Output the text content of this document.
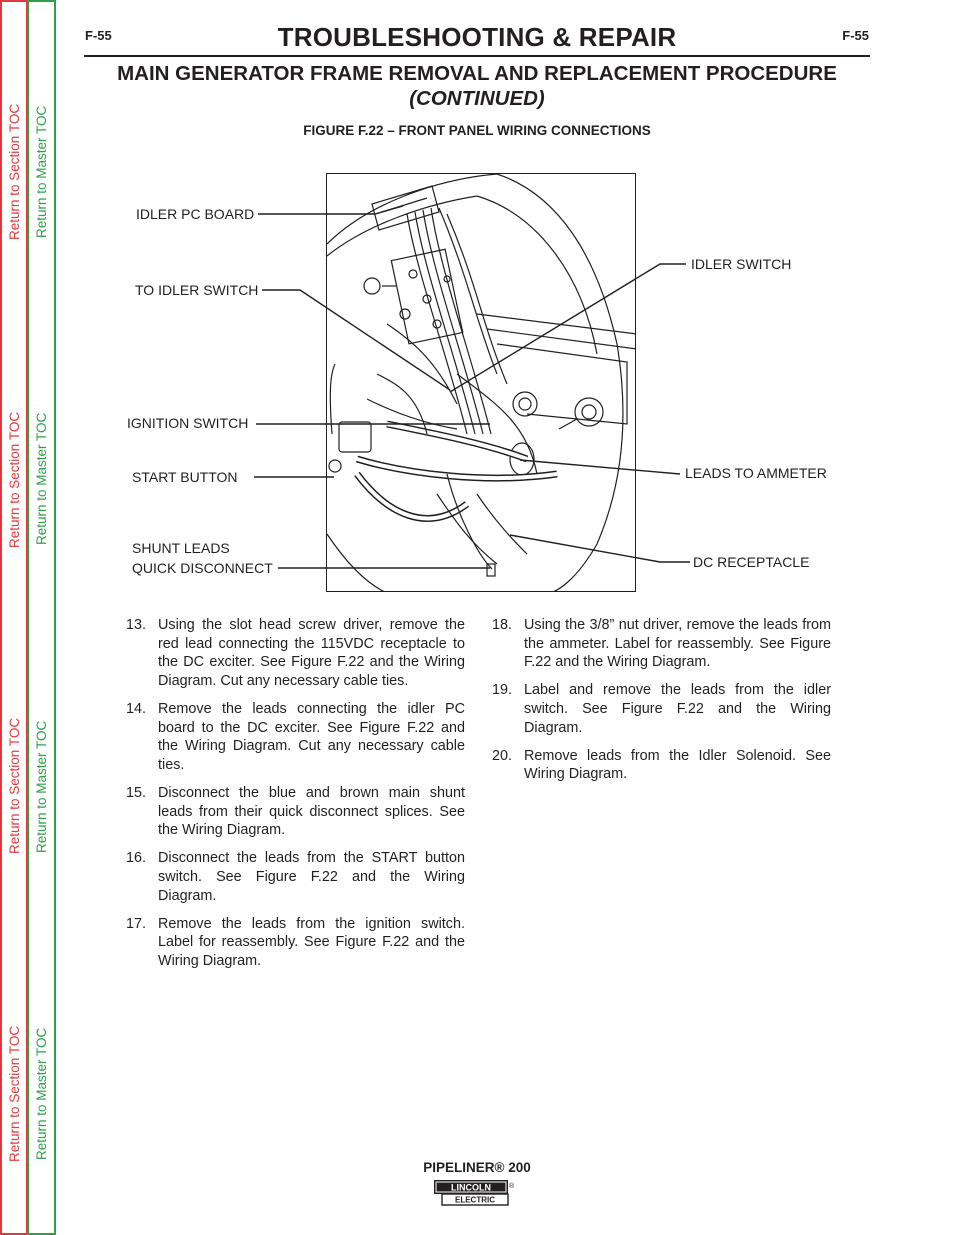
Return to Section TOC
Return to Section TOC
Return to Section TOC
Return to Section TOC
Return to Master TOC
Return to Master TOC
Return to Master TOC
Return to Master TOC
F-55	F-55
TROUBLESHOOTING & REPAIR
MAIN GENERATOR FRAME REMOVAL AND REPLACEMENT PROCEDURE
(CONTINUED)
FIGURE F.22 – FRONT PANEL WIRING CONNECTIONS
IDLER PC BOARD
TO IDLER SWITCH
IGNITION SWITCH
START BUTTON
SHUNT LEADS
QUICK DISCONNECT
IDLER SWITCH
LEADS TO AMMETER
DC RECEPTACLE
13. Using the slot head screw driver, remove the red lead connecting the 115VDC receptacle to the DC exciter. See Figure F.22 and the Wiring Diagram. Cut any necessary cable ties.
14. Remove the leads connecting the idler PC board to the DC exciter. See Figure F.22 and the Wiring Diagram. Cut any necessary cable ties.
15. Disconnect the blue and brown main shunt leads from their quick disconnect splices. See the Wiring Diagram.
16. Disconnect the leads from the START button switch. See Figure F.22 and the Wiring Diagram.
17. Remove the leads from the ignition switch. Label for reassembly. See Figure F.22 and the Wiring Diagram.
18. Using the 3/8” nut driver, remove the leads from the ammeter. Label for reassembly. See Figure F.22 and the Wiring Diagram.
19. Label and remove the leads from the idler switch. See Figure F.22 and the Wiring Diagram.
20. Remove leads from the Idler Solenoid. See Wiring Diagram.
PIPELINER® 200
LINCOLN
ELECTRIC
®
